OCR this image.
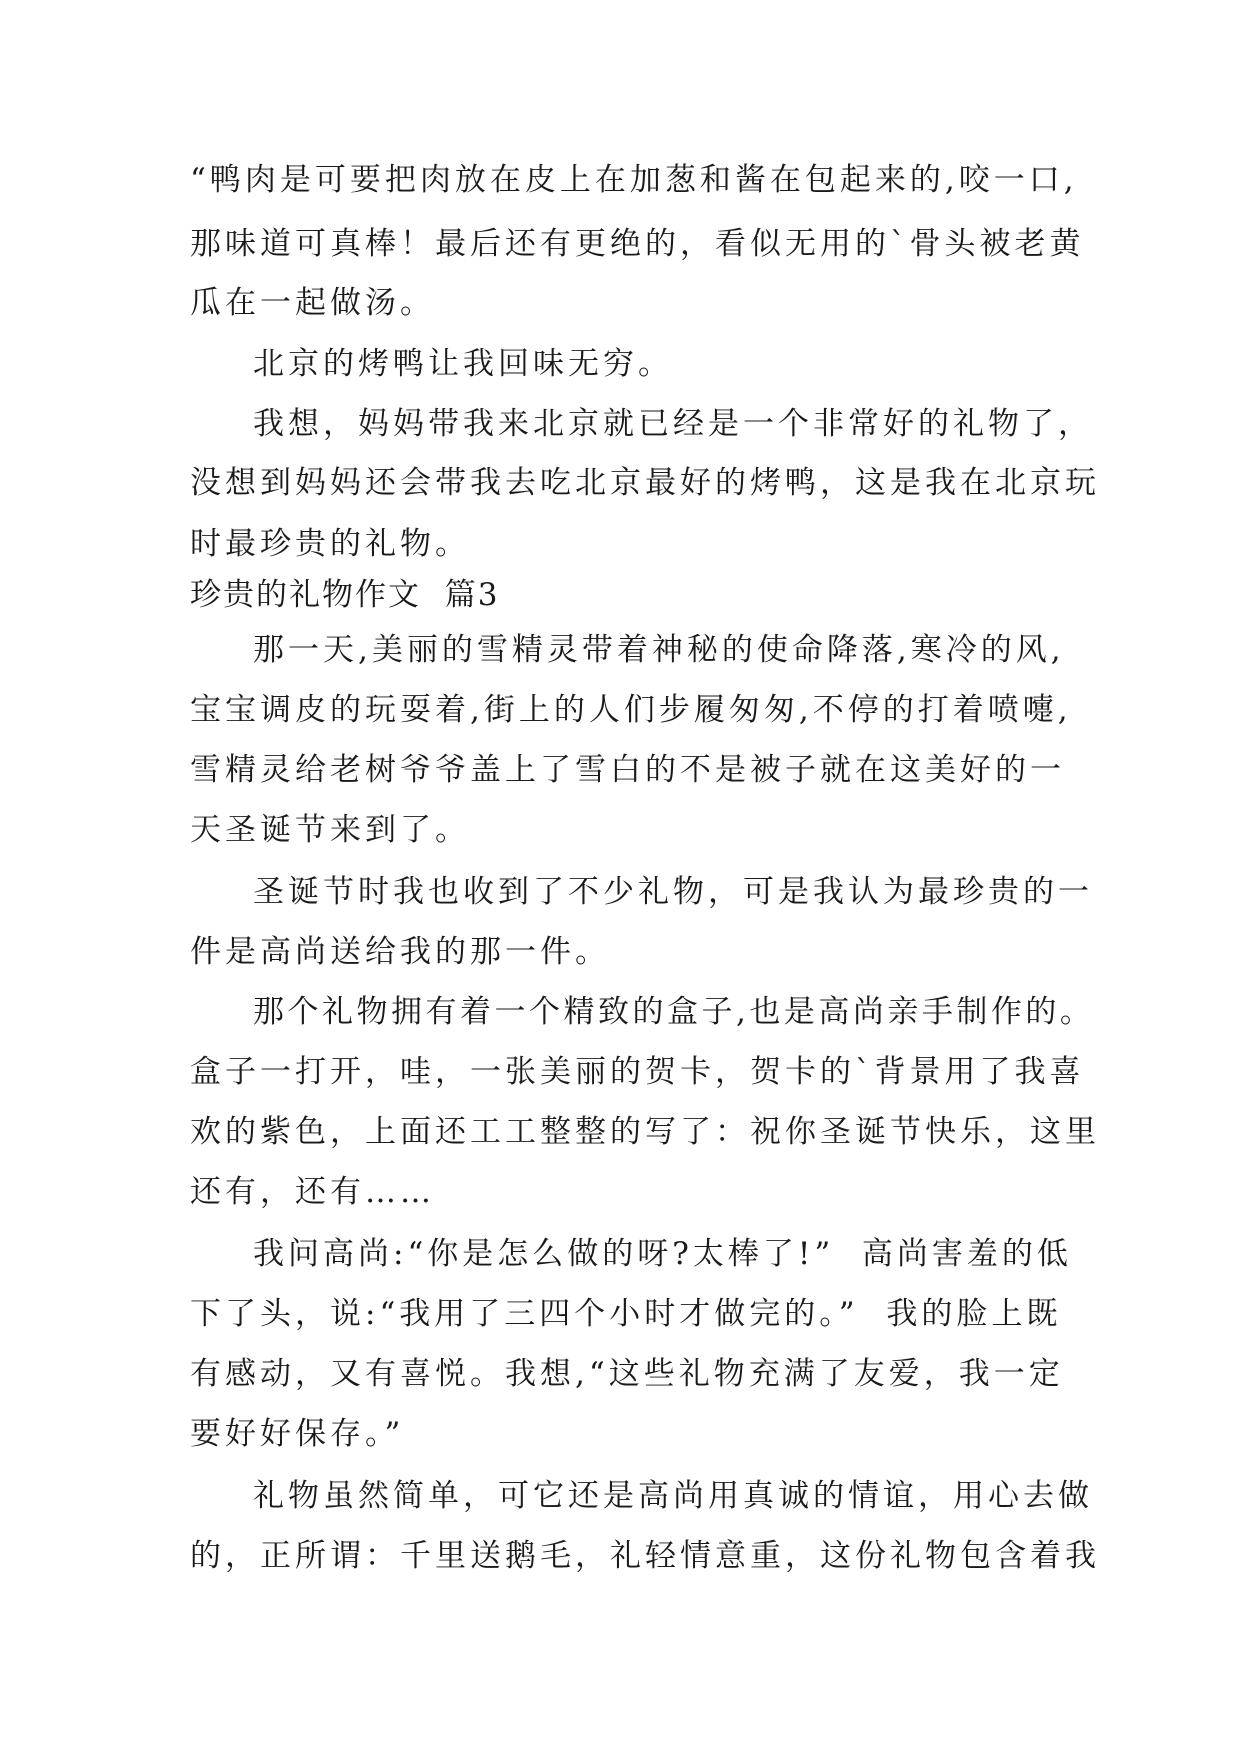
“鸭肉是可要把肉放在皮上在加葱和酱在包起来的,咬一口,
那味道可真棒！最后还有更绝的，看似无用的`骨头被老黄
瓜在一起做汤。
北京的烤鸭让我回味无穷。
我想，妈妈带我来北京就已经是一个非常好的礼物了，
没想到妈妈还会带我去吃北京最好的烤鸭，这是我在北京玩
时最珍贵的礼物。
珍贵的礼物作文  篇3
那一天,美丽的雪精灵带着神秘的使命降落,寒冷的风,
宝宝调皮的玩耍着,街上的人们步履匆匆,不停的打着喷嚏,
雪精灵给老树爷爷盖上了雪白的不是被子就在这美好的一
天圣诞节来到了。
圣诞节时我也收到了不少礼物，可是我认为最珍贵的一
件是高尚送给我的那一件。
那个礼物拥有着一个精致的盒子,也是高尚亲手制作的。
盒子一打开，哇，一张美丽的贺卡，贺卡的`背景用了我喜
欢的紫色，上面还工工整整的写了：祝你圣诞节快乐，这里
还有，还有……
我问高尚:“你是怎么做的呀?太棒了!”  高尚害羞的低
下了头，说:“我用了三四个小时才做完的。”  我的脸上既
有感动，又有喜悦。我想,“这些礼物充满了友爱，我一定
要好好保存。”
礼物虽然简单，可它还是高尚用真诚的情谊，用心去做
的，正所谓：千里送鹅毛，礼轻情意重，这份礼物包含着我
